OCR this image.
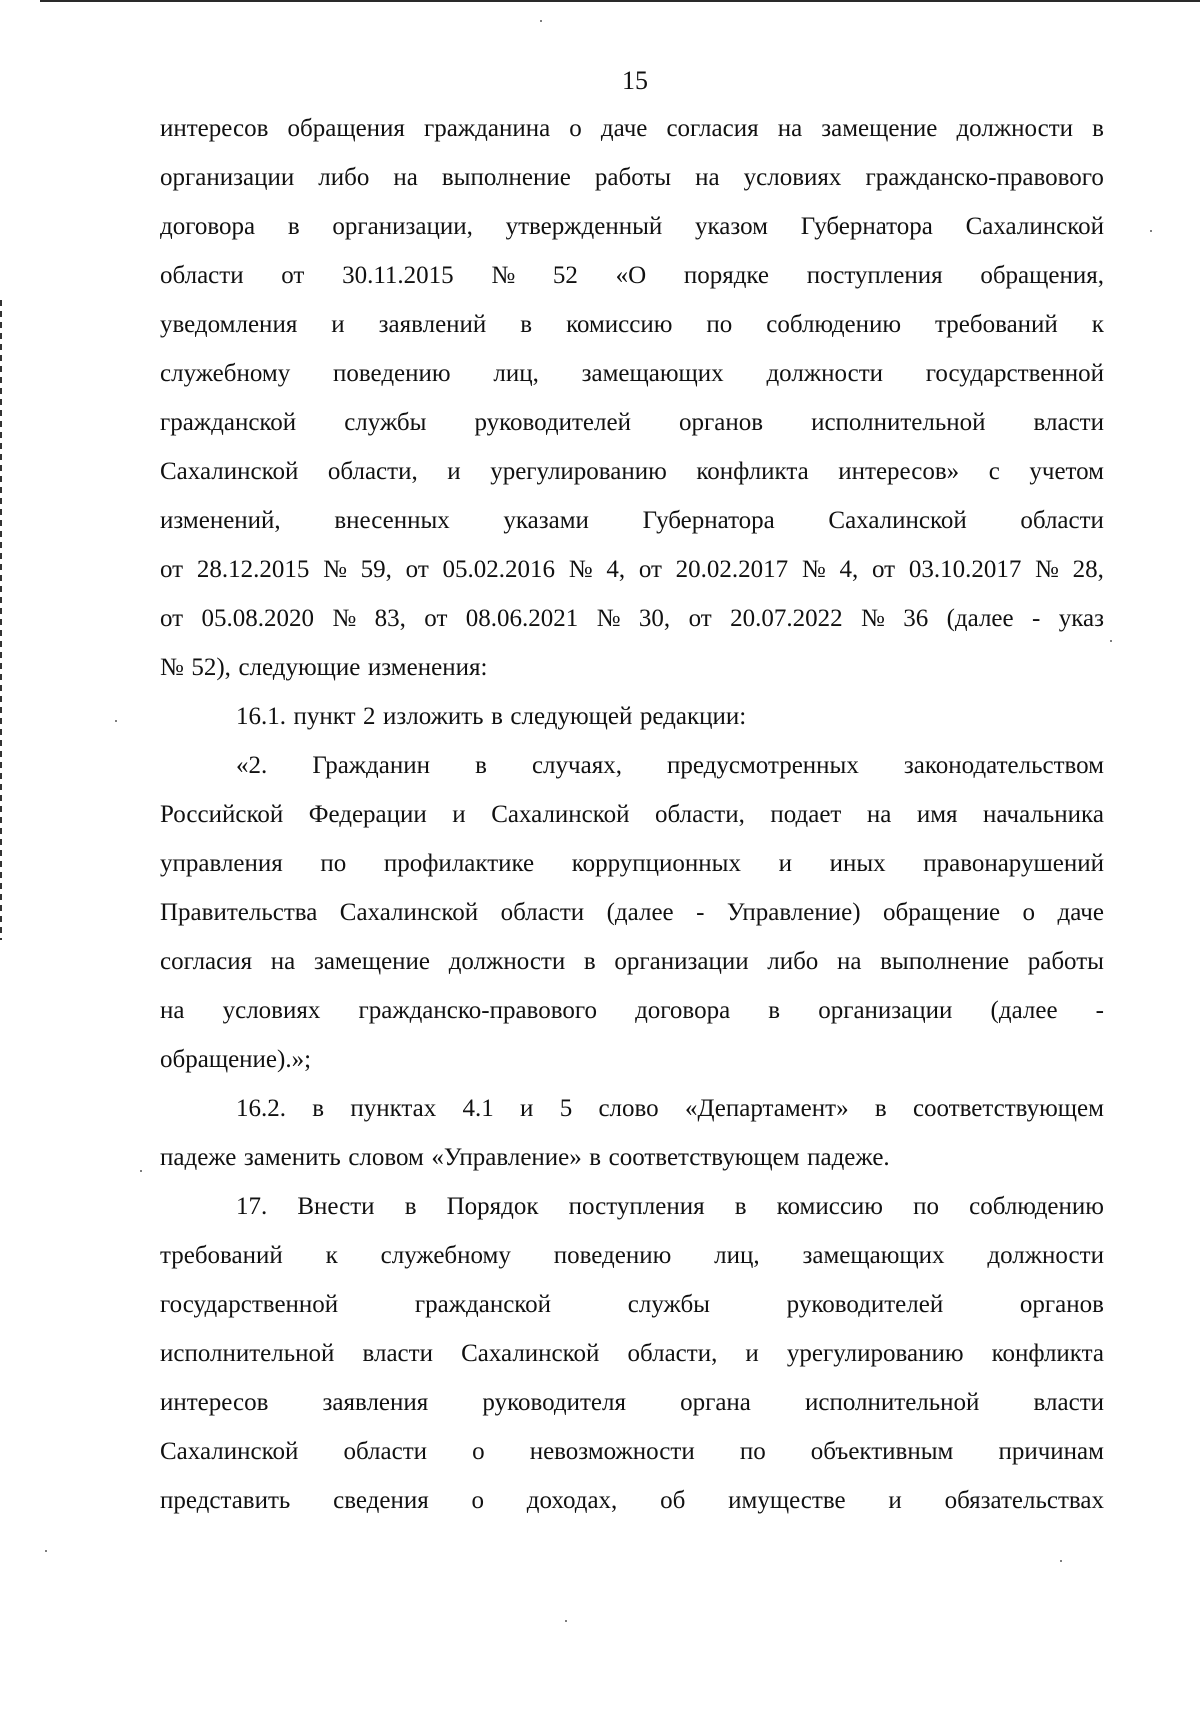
15
интересов обращения гражданина о даче согласия на замещение должности в
организации либо на выполнение работы на условиях гражданско-правового
договора в организации, утвержденный указом Губернатора Сахалинской
области от 30.11.2015 № 52 «О порядке поступления обращения,
уведомления и заявлений в комиссию по соблюдению требований к
служебному поведению лиц, замещающих должности государственной
гражданской службы руководителей органов исполнительной власти
Сахалинской области, и урегулированию конфликта интересов» с учетом
изменений, внесенных указами Губернатора Сахалинской области
от 28.12.2015 № 59, от 05.02.2016 № 4, от 20.02.2017 № 4, от 03.10.2017 № 28,
от 05.08.2020 № 83, от 08.06.2021 № 30, от 20.07.2022 № 36 (далее - указ
№ 52), следующие изменения:
16.1. пункт 2 изложить в следующей редакции:
«2. Гражданин в случаях, предусмотренных законодательством
Российской Федерации и Сахалинской области, подает на имя начальника
управления по профилактике коррупционных и иных правонарушений
Правительства Сахалинской области (далее - Управление) обращение о даче
согласия на замещение должности в организации либо на выполнение работы
на условиях гражданско-правового договора в организации (далее -
обращение).»;
16.2. в пунктах 4.1 и 5 слово «Департамент» в соответствующем
падеже заменить словом «Управление» в соответствующем падеже.
17. Внести в Порядок поступления в комиссию по соблюдению
требований к служебному поведению лиц, замещающих должности
государственной	гражданской	службы	руководителей	органов
исполнительной власти Сахалинской области, и урегулированию конфликта
интересов заявления руководителя органа исполнительной власти
Сахалинской области о невозможности по объективным причинам
представить сведения о доходах, об имуществе и обязательствах
